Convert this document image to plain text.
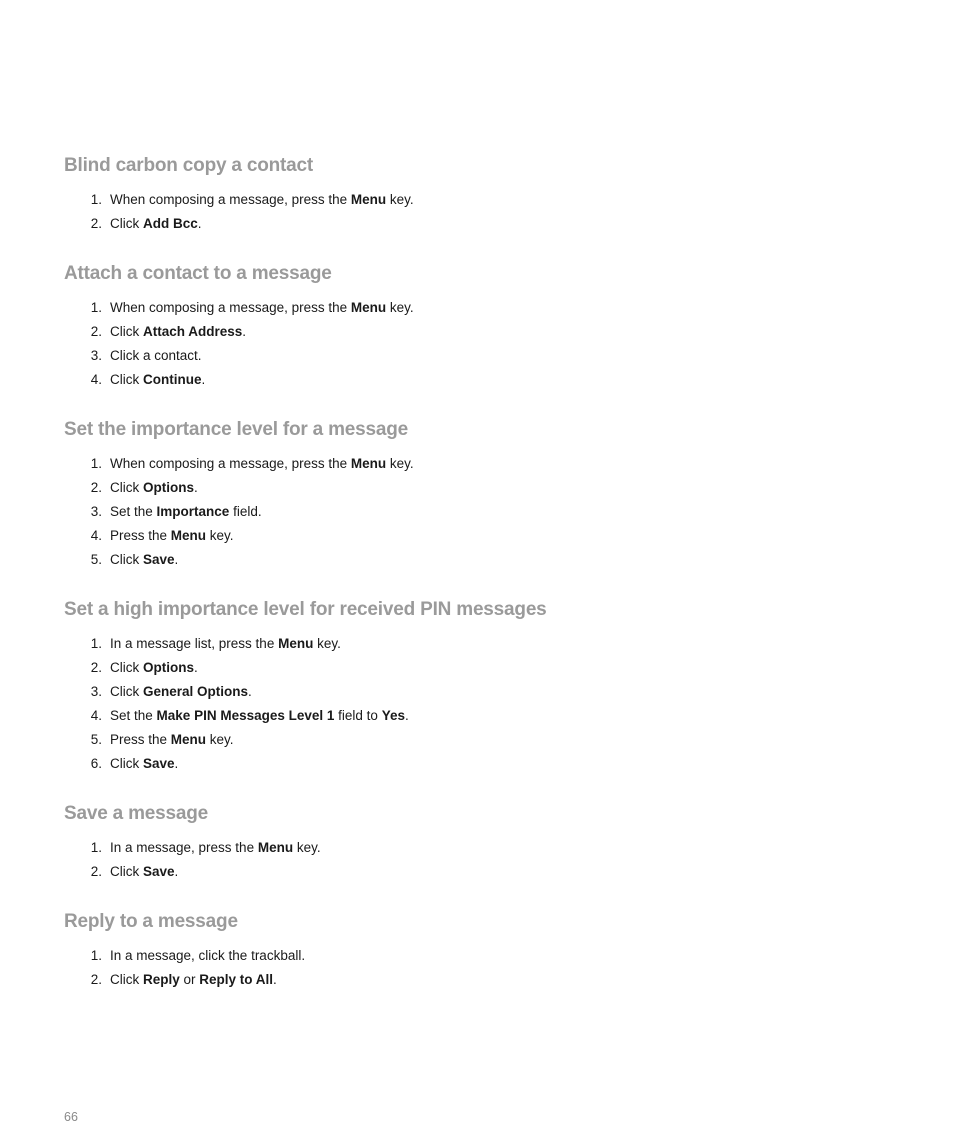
Blind carbon copy a contact
1. When composing a message, press the Menu key.
2. Click Add Bcc.
Attach a contact to a message
1. When composing a message, press the Menu key.
2. Click Attach Address.
3. Click a contact.
4. Click Continue.
Set the importance level for a message
1. When composing a message, press the Menu key.
2. Click Options.
3. Set the Importance field.
4. Press the Menu key.
5. Click Save.
Set a high importance level for received PIN messages
1. In a message list, press the Menu key.
2. Click Options.
3. Click General Options.
4. Set the Make PIN Messages Level 1 field to Yes.
5. Press the Menu key.
6. Click Save.
Save a message
1. In a message, press the Menu key.
2. Click Save.
Reply to a message
1. In a message, click the trackball.
2. Click Reply or Reply to All.
66
